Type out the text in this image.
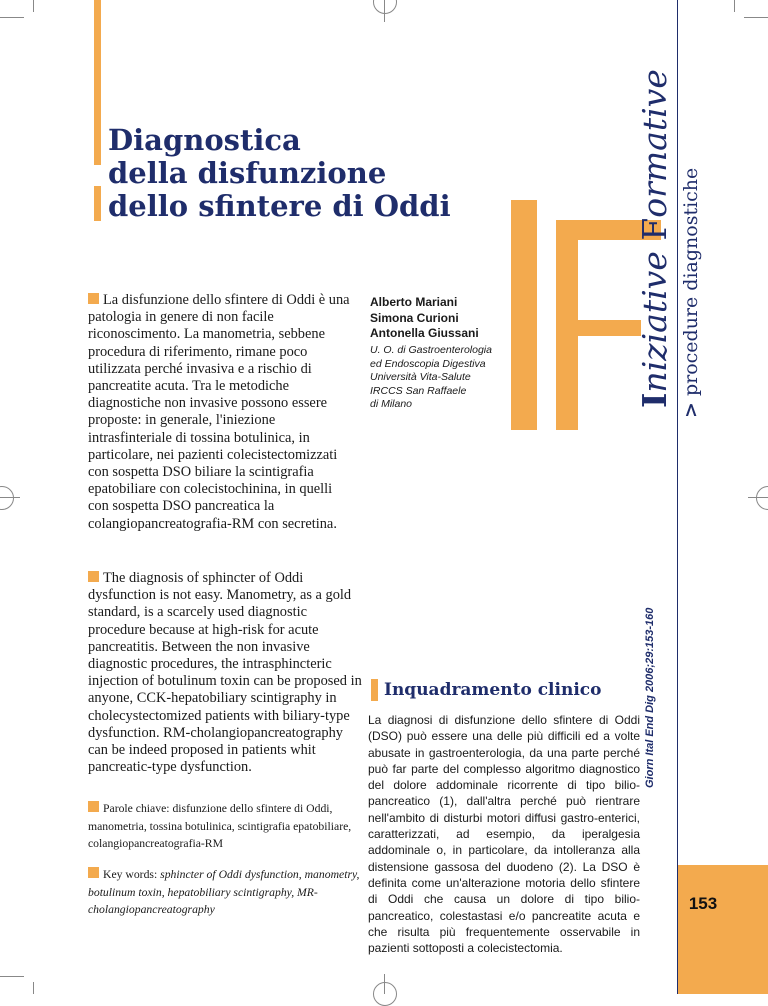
Diagnostica
della disfunzione
dello sfintere di Oddi

La disfunzione dello sfintere di Oddi è una patologia in genere di non facile riconoscimento. La manometria, sebbene procedura di riferimento, rimane poco utilizzata perché invasiva e a rischio di pancreatite acuta. Tra le metodiche diagnostiche non invasive possono essere proposte: in generale, l'iniezione intrasfinteriale di tossina botulinica, in particolare, nei pazienti colecistectomizzati con sospetta DSO biliare la scintigrafia epatobiliare con colecistochinina, in quelli con sospetta DSO pancreatica la colangiopancreatografia-RM con secretina.

The diagnosis of sphincter of Oddi dysfunction is not easy. Manometry, as a gold standard, is a scarcely used diagnostic procedure because at high-risk for acute pancreatitis. Between the non invasive diagnostic procedures, the intrasphincteric injection of botulinum toxin can be proposed in anyone, CCK-hepatobiliary scintigraphy in cholecystectomized patients with biliary-type dysfunction. RM-cholangiopancreatography can be indeed proposed in patients whit pancreatic-type dysfunction.

Parole chiave: disfunzione dello sfintere di Oddi, manometria, tossina botulinica, scintigrafia epatobiliare, colangiopancreatografia-RM

Key words: sphincter of Oddi dysfunction, manometry, botulinum toxin, hepatobiliary scintigraphy, MR-cholangiopancreatography

Alberto Mariani
Simona Curioni
Antonella Giussani
U. O. di Gastroenterologia
ed Endoscopia Digestiva
Università Vita-Salute
IRCCS San Raffaele
di Milano
Inquadramento clinico

La diagnosi di disfunzione dello sfintere di Oddi (DSO) può essere una delle più difficili ed a volte abusate in gastroenterologia, da una parte perché può far parte del complesso algoritmo diagnostico del dolore addominale ricorrente di tipo bilio-pancreatico (1), dall'altra perché può rientrare nell'ambito di disturbi motori diffusi gastro-enterici, caratterizzati, ad esempio, da iperalgesia addominale o, in particolare, da intolleranza alla distensione gassosa del duodeno (2). La DSO è definita come un'alterazione motoria dello sfintere di Oddi che causa un dolore di tipo bilio-pancreatico, colestastasi e/o pancreatite acuta e che risulta più frequentemente osservabile in pazienti sottoposti a colecistectomia.

Iniziative Formative
> procedure diagnostiche
Giorn Ital End Dig 2006;29:153-160
153
